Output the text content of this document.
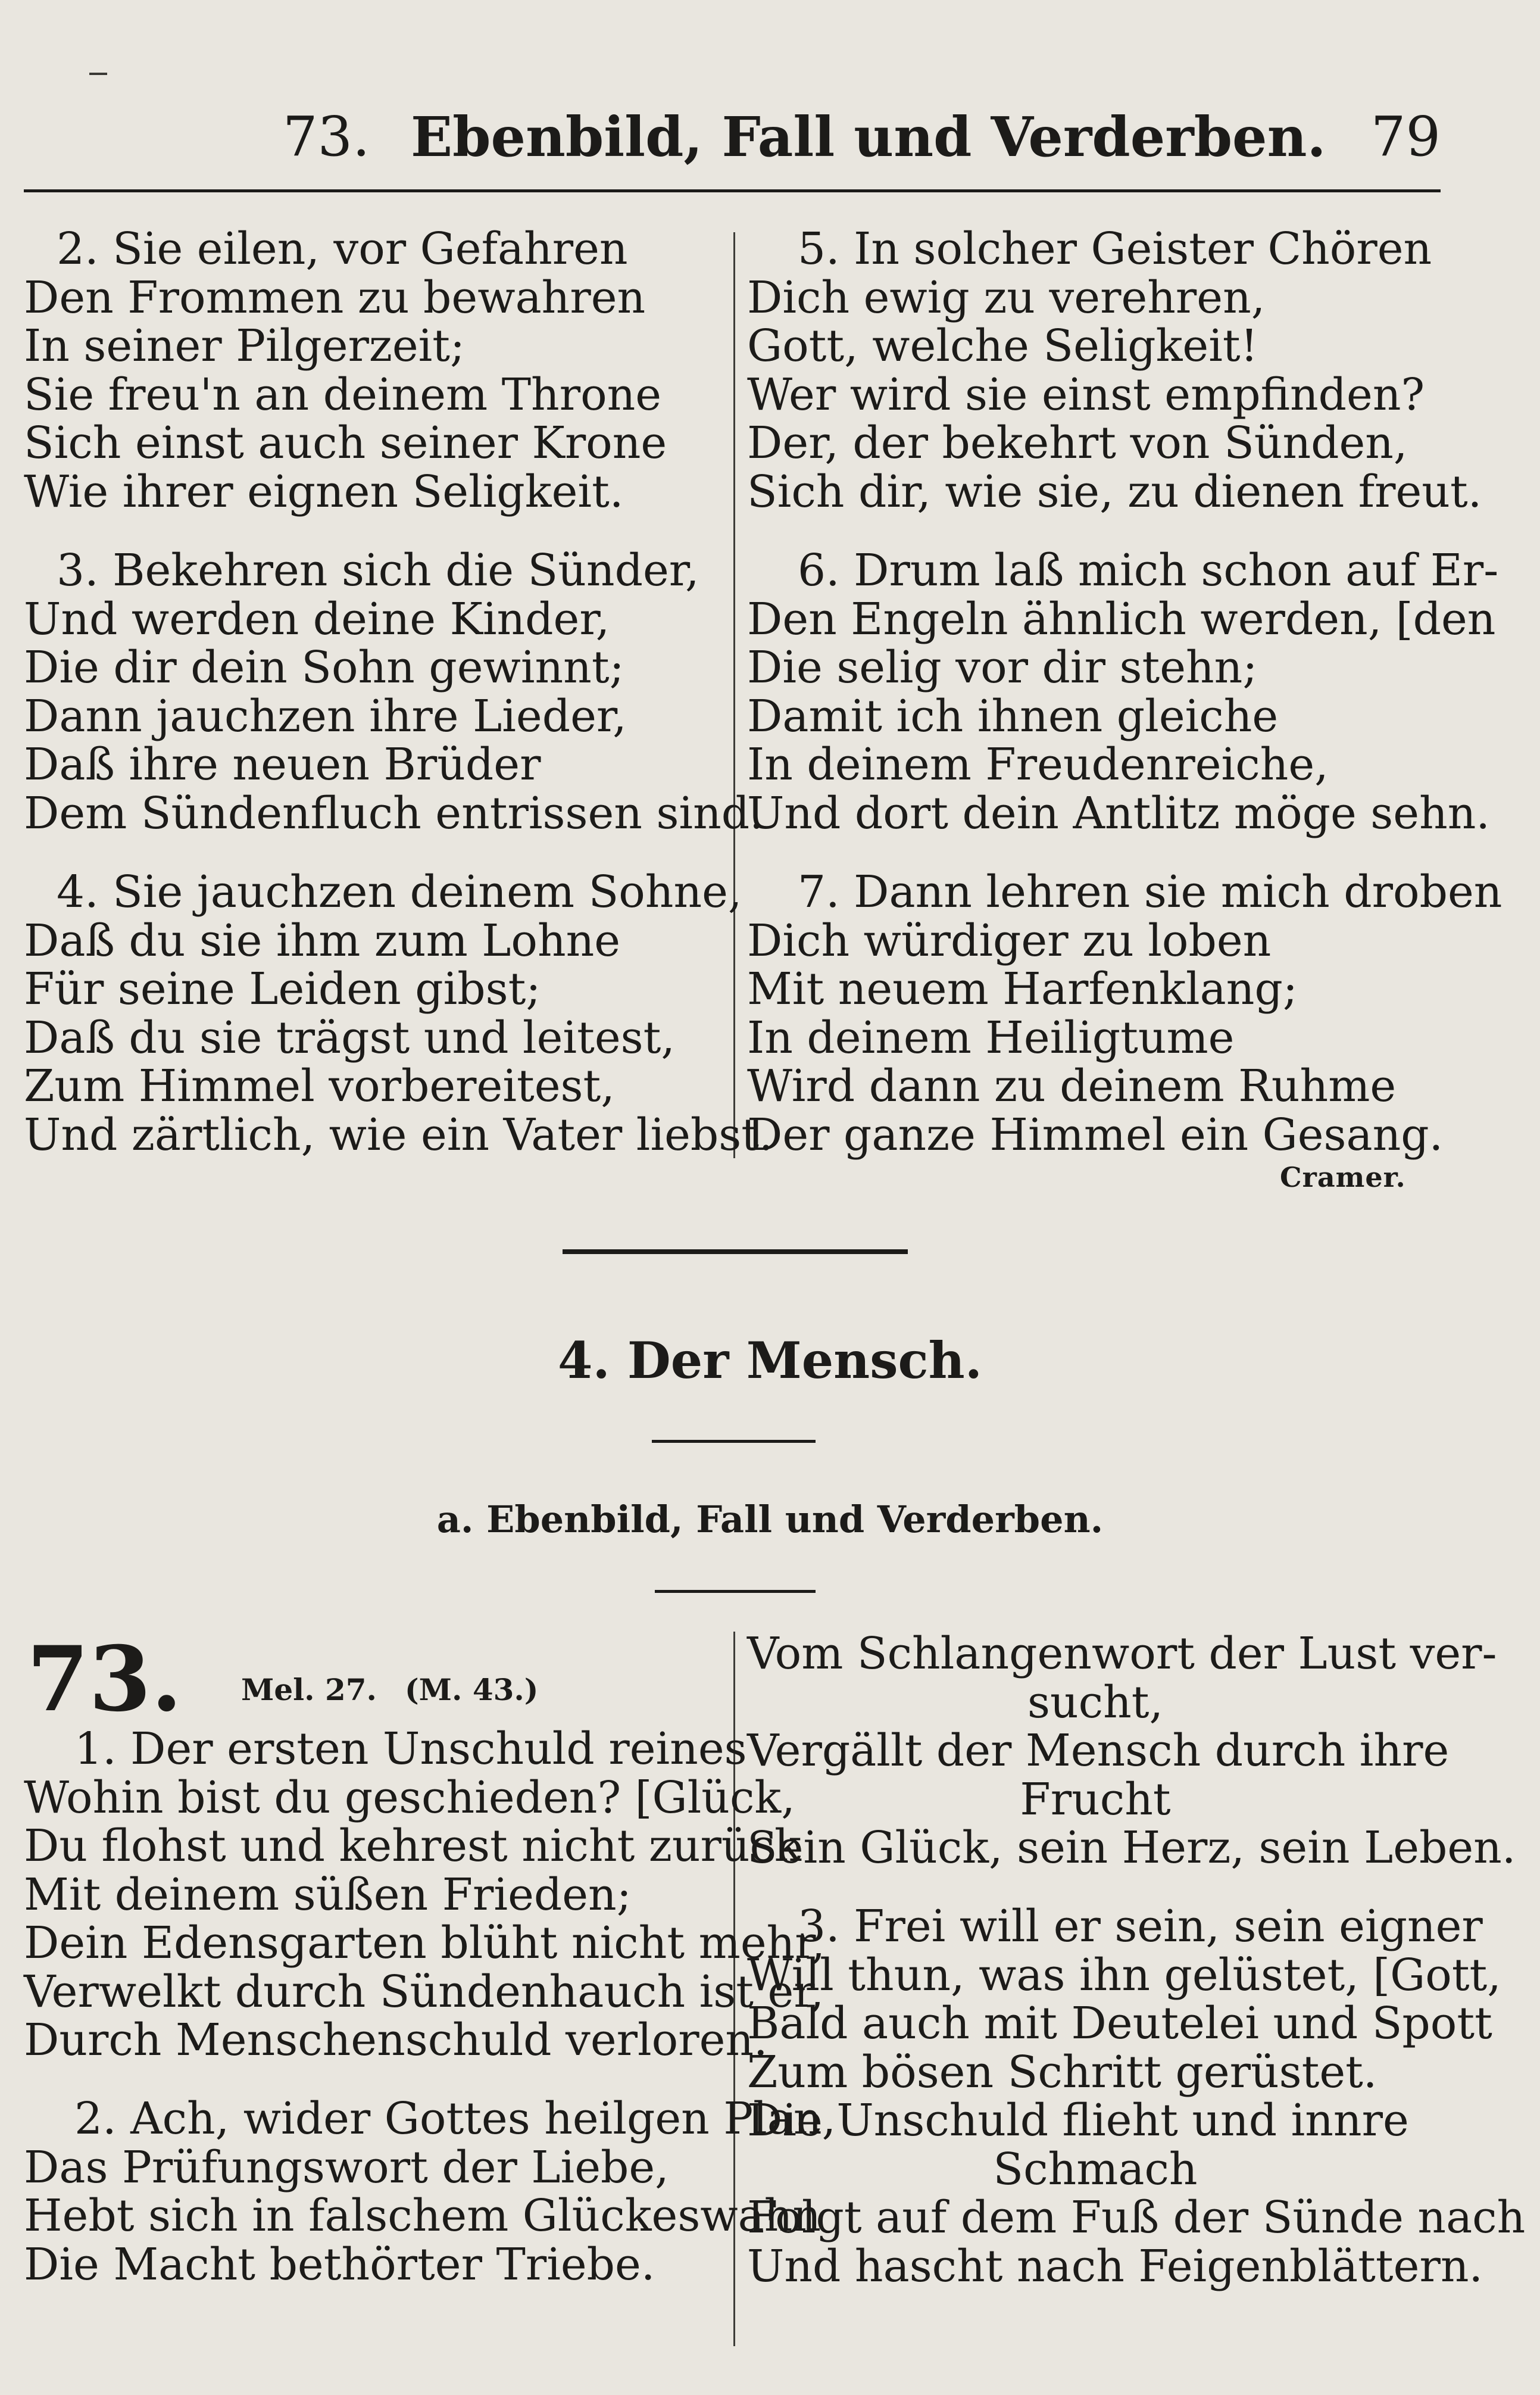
73. Ebenbild, Fall und Verderben. 79
2. Sie eilen, vor Gefahren
Den Frommen zu bewahren
In seiner Pilgerzeit;
Sie freu'n an deinem Throne
Sich einst auch seiner Krone
Wie ihrer eignen Seligkeit.
3. Bekehren sich die Sünder,
Und werden deine Kinder,
Die dir dein Sohn gewinnt;
Dann jauchzen ihre Lieder,
Daß ihre neuen Brüder
Dem Sündenfluch entrissen sind.
4. Sie jauchzen deinem Sohne,
Daß du sie ihm zum Lohne
Für seine Leiden gibst;
Daß du sie trägst und leitest,
Zum Himmel vorbereitest,
Und zärtlich, wie ein Vater liebst.
5. In solcher Geister Chören
Dich ewig zu verehren,
Gott, welche Seligkeit!
Wer wird sie einst empfinden?
Der, der bekehrt von Sünden,
Sich dir, wie sie, zu dienen freut.
6. Drum laß mich schon auf Er-
Den Engeln ähnlich werden, [den
Die selig vor dir stehn;
Damit ich ihnen gleiche
In deinem Freudenreiche,
Und dort dein Antlitz möge sehn.
7. Dann lehren sie mich droben
Dich würdiger zu loben
Mit neuem Harfenklang;
In deinem Heiligtume
Wird dann zu deinem Ruhme
Der ganze Himmel ein Gesang.
Cramer.
4. Der Mensch.
a. Ebenbild, Fall und Verderben.
73. Mel. 27. (M. 43.)
1. Der ersten Unschuld reines
Wohin bist du geschieden? [Glück,
Du flohst und kehrest nicht zurück
Mit deinem süßen Frieden;
Dein Edensgarten blüht nicht mehr,
Verwelkt durch Sündenhauch ist er,
Durch Menschenschuld verloren.
2. Ach, wider Gottes heilgen Plan,
Das Prüfungswort der Liebe,
Hebt sich in falschem Glückeswahn
Die Macht bethörter Triebe.
Vom Schlangenwort der Lust ver-
sucht,
Vergällt der Mensch durch ihre
Frucht
Sein Glück, sein Herz, sein Leben.
3. Frei will er sein, sein eigner
Will thun, was ihn gelüstet, [Gott,
Bald auch mit Deutelei und Spott
Zum bösen Schritt gerüstet.
Die Unschuld flieht und innre
Schmach
Folgt auf dem Fuß der Sünde nach
Und hascht nach Feigenblättern.
